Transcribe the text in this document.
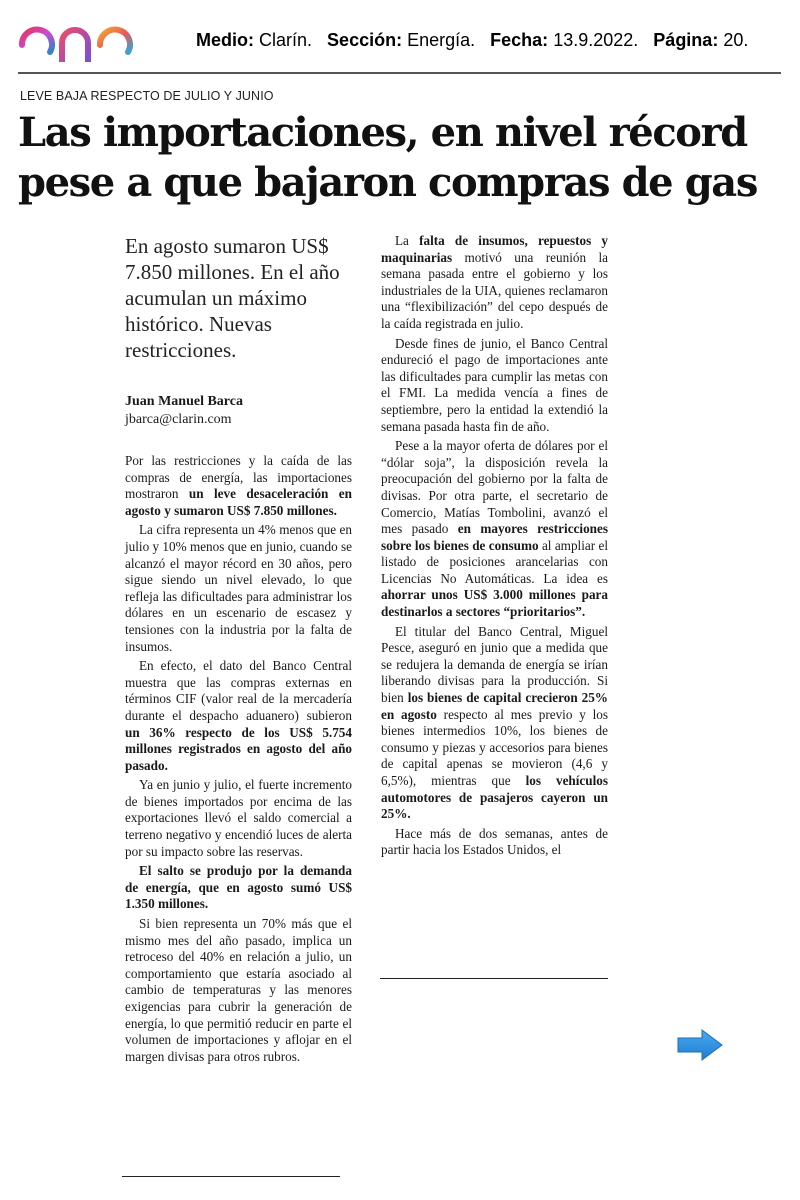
Medio: Clarín. Sección: Energía. Fecha: 13.9.2022. Página: 20.
LEVE BAJA RESPECTO DE JULIO Y JUNIO
Las importaciones, en nivel récord
pese a que bajaron compras de gas

En agosto sumaron US$ 7.850 millones. En el año acumulan un máximo histórico. Nuevas restricciones.

Juan Manuel Barca

jbarca@clarin.com

Por las restricciones y la caída de las compras de energía, las importaciones mostraron un leve desaceleración en agosto y sumaron US$ 7.850 millones.

La cifra representa un 4% menos que en julio y 10% menos que en junio, cuando se alcanzó el mayor récord en 30 años, pero sigue siendo un nivel elevado, lo que refleja las dificultades para administrar los dólares en un escenario de escasez y tensiones con la industria por la falta de insumos.

En efecto, el dato del Banco Central muestra que las compras externas en términos CIF (valor real de la mercadería durante el despacho aduanero) subieron un 36% respecto de los US$ 5.754 millones registrados en agosto del año pasado.

Ya en junio y julio, el fuerte incremento de bienes importados por encima de las exportaciones llevó el saldo comercial a terreno negativo y encendió luces de alerta por su impacto sobre las reservas.

El salto se produjo por la demanda de energía, que en agosto sumó US$ 1.350 millones.

Si bien representa un 70% más que el mismo mes del año pasado, implica un retroceso del 40% en relación a julio, un comportamiento que estaría asociado al cambio de temperaturas y las menores exigencias para cubrir la generación de energía, lo que permitió reducir en parte el volumen de importaciones y aflojar en el margen divisas para otros rubros.

La falta de insumos, repuestos y maquinarias motivó una reunión la semana pasada entre el gobierno y los industriales de la UIA, quienes reclamaron una “flexibilización” del cepo después de la caída registrada en julio.

Desde fines de junio, el Banco Central endureció el pago de importaciones ante las dificultades para cumplir las metas con el FMI. La medida vencía a fines de septiembre, pero la entidad la extendió la semana pasada hasta fin de año.

Pese a la mayor oferta de dólares por el “dólar soja”, la disposición revela la preocupación del gobierno por la falta de divisas. Por otra parte, el secretario de Comercio, Matías Tombolini, avanzó el mes pasado en mayores restricciones sobre los bienes de consumo al ampliar el listado de posiciones arancelarias con Licencias No Automáticas. La idea es ahorrar unos US$ 3.000 millones para destinarlos a sectores “prioritarios”.

El titular del Banco Central, Miguel Pesce, aseguró en junio que a medida que se redujera la demanda de energía se irían liberando divisas para la producción. Si bien los bienes de capital crecieron 25% en agosto respecto al mes previo y los bienes intermedios 10%, los bienes de consumo y piezas y accesorios para bienes de capital apenas se movieron (4,6 y 6,5%), mientras que los vehículos automotores de pasajeros cayeron un 25%.

Hace más de dos semanas, antes de partir hacia los Estados Unidos, el
